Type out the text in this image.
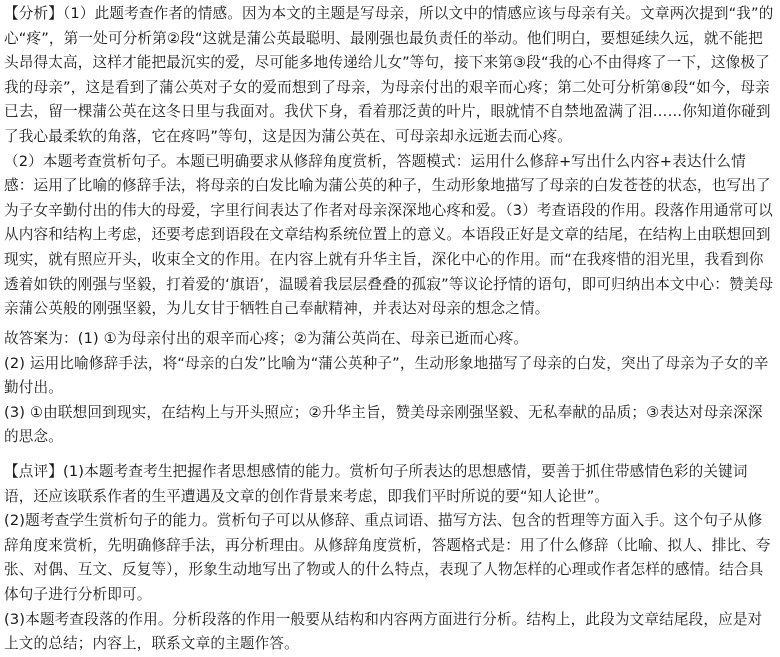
【分析】（1）此题考查作者的情感。因为本文的主题是写母亲，所以文中的情感应该与母亲有关。文章两次提到“我”的心“疼”，第一处可分析第②段“这就是蒲公英最聪明、最刚强也最负责任的举动。他们明白，要想延续久远，就不能把头昂得太高，这样才能把最沉实的爱，尽可能多地传递给儿女”等句，接下来第③段“我的心不由得疼了一下，这像极了我的母亲”，这是看到了蒲公英对子女的爱而想到了母亲，为母亲付出的艰辛而心疼；第二处可分析第⑧段“如今，母亲已去，留一棵蒲公英在这冬日里与我面对。我伏下身，看着那泛黄的叶片，眼就情不自禁地盈满了泪……你知道你碰到了我心最柔软的角落，它在疼吗”等句，这是因为蒲公英在、可母亲却永远逝去而心疼。

（2）本题考查赏析句子。本题已明确要求从修辞角度赏析，答题模式：运用什么修辞+写出什么内容+表达什么情感：运用了比喻的修辞手法，将母亲的白发比喻为蒲公英的种子，生动形象地描写了母亲的白发苍苍的状态，也写出了为子女辛勤付出的伟大的母爱，字里行间表达了作者对母亲深深地心疼和爱。（3）考查语段的作用。段落作用通常可以从内容和结构上考虑，还要考虑到语段在文章结构系统位置上的意义。本语段正好是文章的结尾，在结构上由联想回到现实，就有照应开头，收束全文的作用。在内容上就有升华主旨，深化中心的作用。而“在我疼惜的泪光里，我看到你透着如铁的刚强与坚毅，打着爱的‘旗语’，温暖着我层层叠叠的孤寂”等议论抒情的语句，即可归纳出本文中心：赞美母亲蒲公英般的刚强坚毅，为儿女甘于牺牲自己奉献精神，并表达对母亲的想念之情。

故答案为：(1) ①为母亲付出的艰辛而心疼；②为蒲公英尚在、母亲已逝而心疼。

(2) 运用比喻修辞手法，将“母亲的白发”比喻为“蒲公英种子”，生动形象地描写了母亲的白发，突出了母亲为子女的辛勤付出。

(3) ①由联想回到现实，在结构上与开头照应；②升华主旨，赞美母亲刚强坚毅、无私奉献的品质；③表达对母亲深深的思念。

【点评】(1)本题考查考生把握作者思想感情的能力。赏析句子所表达的思想感情，要善于抓住带感情色彩的关键词语，还应该联系作者的生平遭遇及文章的创作背景来考虑，即我们平时所说的要“知人论世”。

(2)题考查学生赏析句子的能力。赏析句子可以从修辞、重点词语、描写方法、包含的哲理等方面入手。这个句子从修辞角度来赏析，先明确修辞手法，再分析理由。从修辞角度赏析，答题格式是：用了什么修辞（比喻、拟人、排比、夸张、对偶、互文、反复等），形象生动地写出了物或人的什么特点，表现了人物怎样的心理或作者怎样的感情。结合具体句子进行分析即可。

(3)本题考查段落的作用。分析段落的作用一般要从结构和内容两方面进行分析。结构上，此段为文章结尾段，应是对上文的总结；内容上，联系文章的主题作答。
